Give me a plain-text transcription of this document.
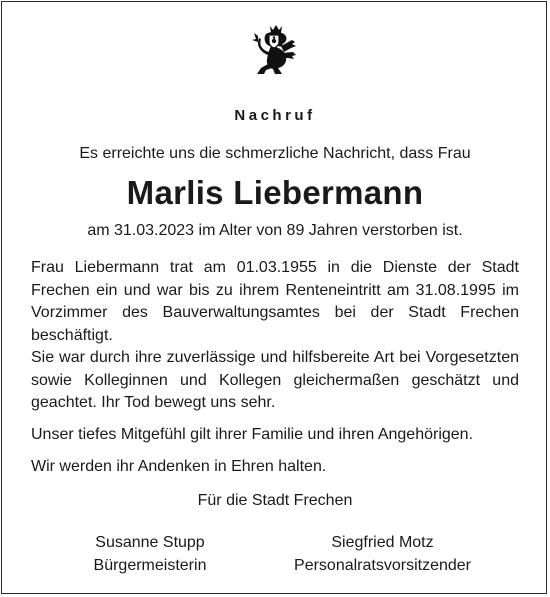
Nachruf
Es erreichte uns die schmerzliche Nachricht, dass Frau
Marlis Liebermann
am 31.03.2023 im Alter von 89 Jahren verstorben ist.

Frau Liebermann trat am 01.03.1955 in die Dienste der Stadt Frechen ein und war bis zu ihrem Renteneintritt am 31.08.1995 im Vorzimmer des Bauverwaltungsamtes bei der Stadt Frechen beschäftigt.

Sie war durch ihre zuverlässige und hilfsbereite Art bei Vorgesetzten sowie Kolleginnen und Kollegen gleichermaßen geschätzt und geachtet. Ihr Tod bewegt uns sehr.

Unser tiefes Mitgefühl gilt ihrer Familie und ihren Angehörigen.

Wir werden ihr Andenken in Ehren halten.

Für die Stadt Frechen
Susanne Stupp
Bürgermeisterin
Siegfried Motz
Personalratsvorsitzender
